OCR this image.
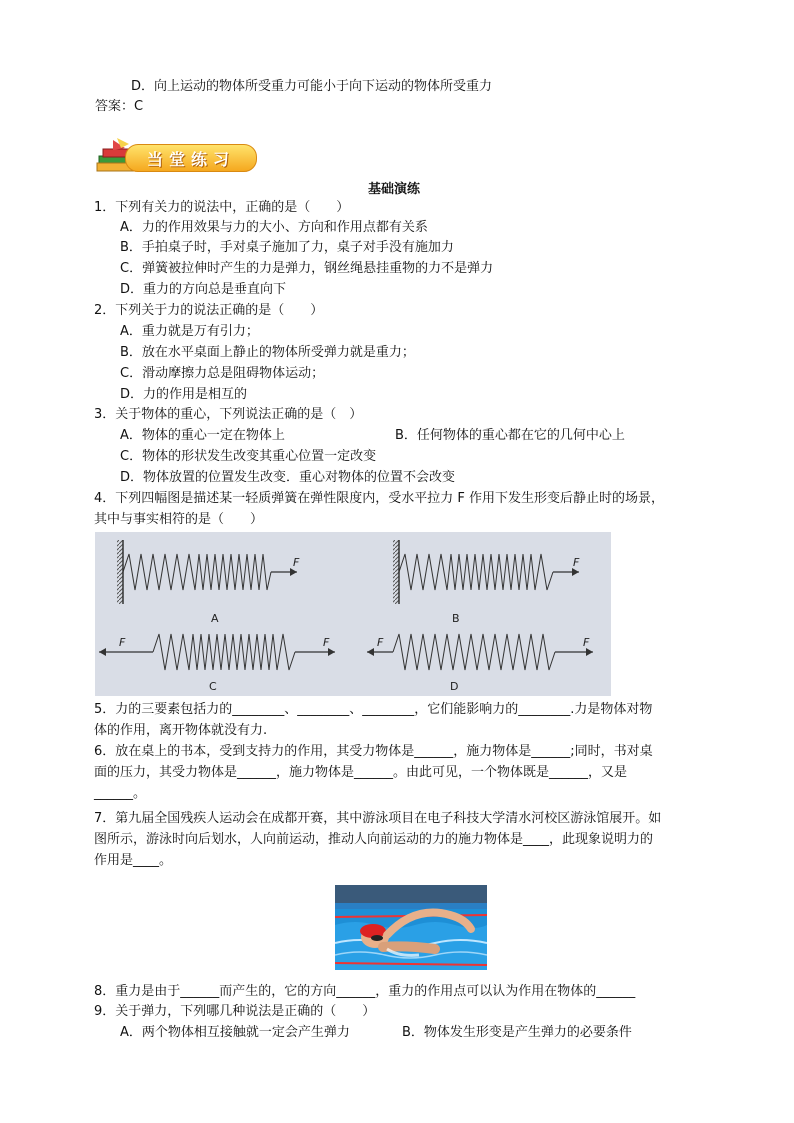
D．向上运动的物体所受重力可能小于向下运动的物体所受重力
答案：C
当堂练习
基础演练
1．下列有关力的说法中，正确的是（　　）
A．力的作用效果与力的大小、方向和作用点都有关系
B．手拍桌子时，手对桌子施加了力，桌子对手没有施加力
C．弹簧被拉伸时产生的力是弹力，钢丝绳悬挂重物的力不是弹力
D．重力的方向总是垂直向下
2．下列关于力的说法正确的是（　　）
A．重力就是万有引力；
B．放在水平桌面上静止的物体所受弹力就是重力；
C．滑动摩擦力总是阻碍物体运动；
D．力的作用是相互的
3．关于物体的重心，下列说法正确的是（　）
A．物体的重心一定在物体上	B．任何物体的重心都在它的几何中心上
C．物体的形状发生改变其重心位置一定改变
D．物体放置的位置发生改变．重心对物体的位置不会改变
4．下列四幅图是描述某一轻质弹簧在弹性限度内，受水平拉力 F 作用下发生形变后静止时的场景，
其中与事实相符的是（　　）
F
A
F
B
F	F
C
F	F
D
5．力的三要素包括力的________、________、________，它们能影响力的________.力是物体对物
体的作用，离开物体就没有力.
6．放在桌上的书本，受到支持力的作用，其受力物体是______，施力物体是______;同时，书对桌
面的压力，其受力物体是______，施力物体是______。由此可见，一个物体既是______，又是
______。
7．第九届全国残疾人运动会在成都开赛，其中游泳项目在电子科技大学清水河校区游泳馆展开。如
图所示，游泳时向后划水，人向前运动，推动人向前运动的力的施力物体是____，此现象说明力的
作用是____。
8．重力是由于______而产生的，它的方向______，重力的作用点可以认为作用在物体的______
9．关于弹力，下列哪几种说法是正确的（　　）
A．两个物体相互接触就一定会产生弹力	B．物体发生形变是产生弹力的必要条件
